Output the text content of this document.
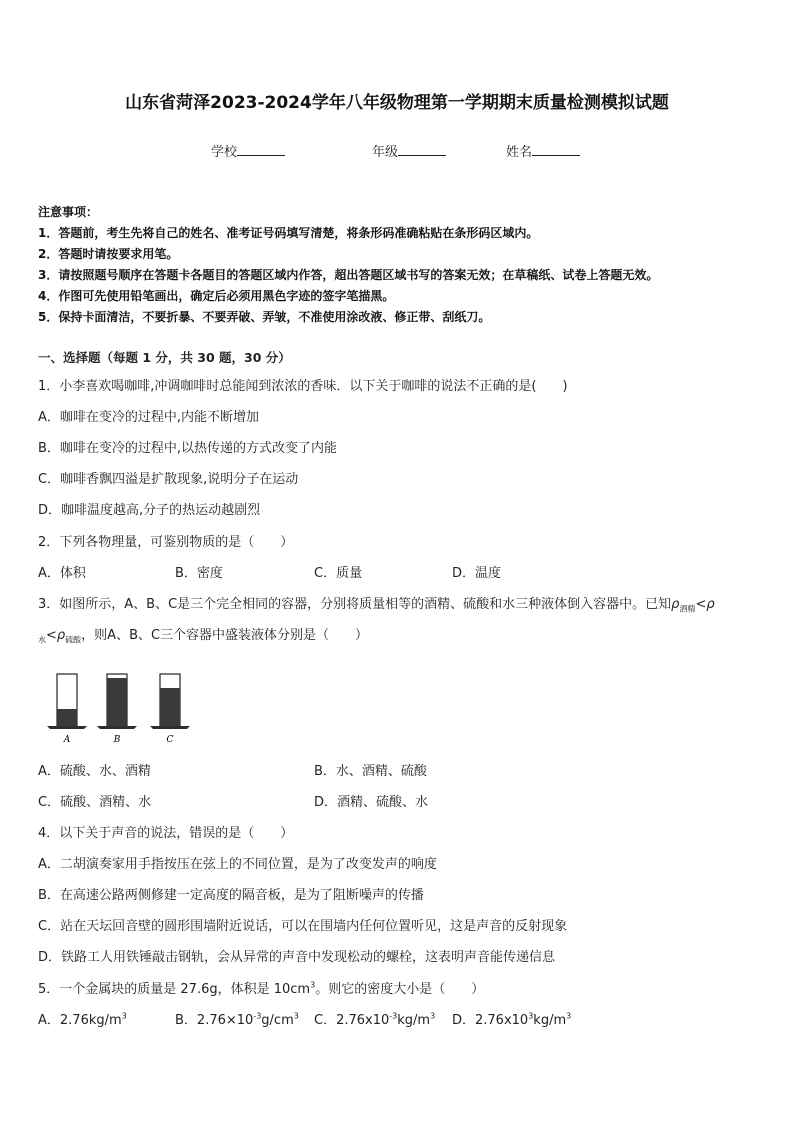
山东省菏泽2023-2024学年八年级物理第一学期期末质量检测模拟试题
学校	年级	姓名
注意事项：
1．答题前，考生先将自己的姓名、准考证号码填写清楚，将条形码准确粘贴在条形码区域内。
2．答题时请按要求用笔。
3．请按照题号顺序在答题卡各题目的答题区域内作答，超出答题区域书写的答案无效；在草稿纸、试卷上答题无效。
4．作图可先使用铅笔画出，确定后必须用黑色字迹的签字笔描黑。
5．保持卡面清洁，不要折暴、不要弄破、弄皱，不准使用涂改液、修正带、刮纸刀。
一、选择题（每题 1 分，共 30 题，30 分）
1．小李喜欢喝咖啡,冲调咖啡时总能闻到浓浓的香味．以下关于咖啡的说法不正确的是(　　)
A．咖啡在变冷的过程中,内能不断增加
B．咖啡在变冷的过程中,以热传递的方式改变了内能
C．咖啡香飘四溢是扩散现象,说明分子在运动
D．咖啡温度越高,分子的热运动越剧烈
2．下列各物理量，可鉴别物质的是（　　）
A．体积	B．密度	C．质量	D．温度
3．如图所示，A、B、C是三个完全相同的容器，分别将质量相等的酒精、硫酸和水三种液体倒入容器中。已知$\rho_{酒精}<\rho$
$_水<\rho_{硫酸}$，则A、B、C三个容器中盛装液体分别是（　　）
A	B	C
A．硫酸、水、酒精	B．水、酒精、硫酸
C．硫酸、酒精、水	D．酒精、硫酸、水
4．以下关于声音的说法，错误的是（　　）
A．二胡演奏家用手指按压在弦上的不同位置，是为了改变发声的响度
B．在高速公路两侧修建一定高度的隔音板，是为了阻断噪声的传播
C．站在天坛回音壁的圆形围墙附近说话，可以在围墙内任何位置听见，这是声音的反射现象
D．铁路工人用铁锤敲击钢轨，会从异常的声音中发现松动的螺栓，这表明声音能传递信息
5．一个金属块的质量是 27.6g，体积是 $10cm^3$。则它的密度大小是（　　）
A．$2.76kg/m^3$	B．$2.76\times 10^{-3}g/cm^3$ C．$2.76x10^{-3}kg/m^3$ D．$2.76x10^3kg/m^3$
